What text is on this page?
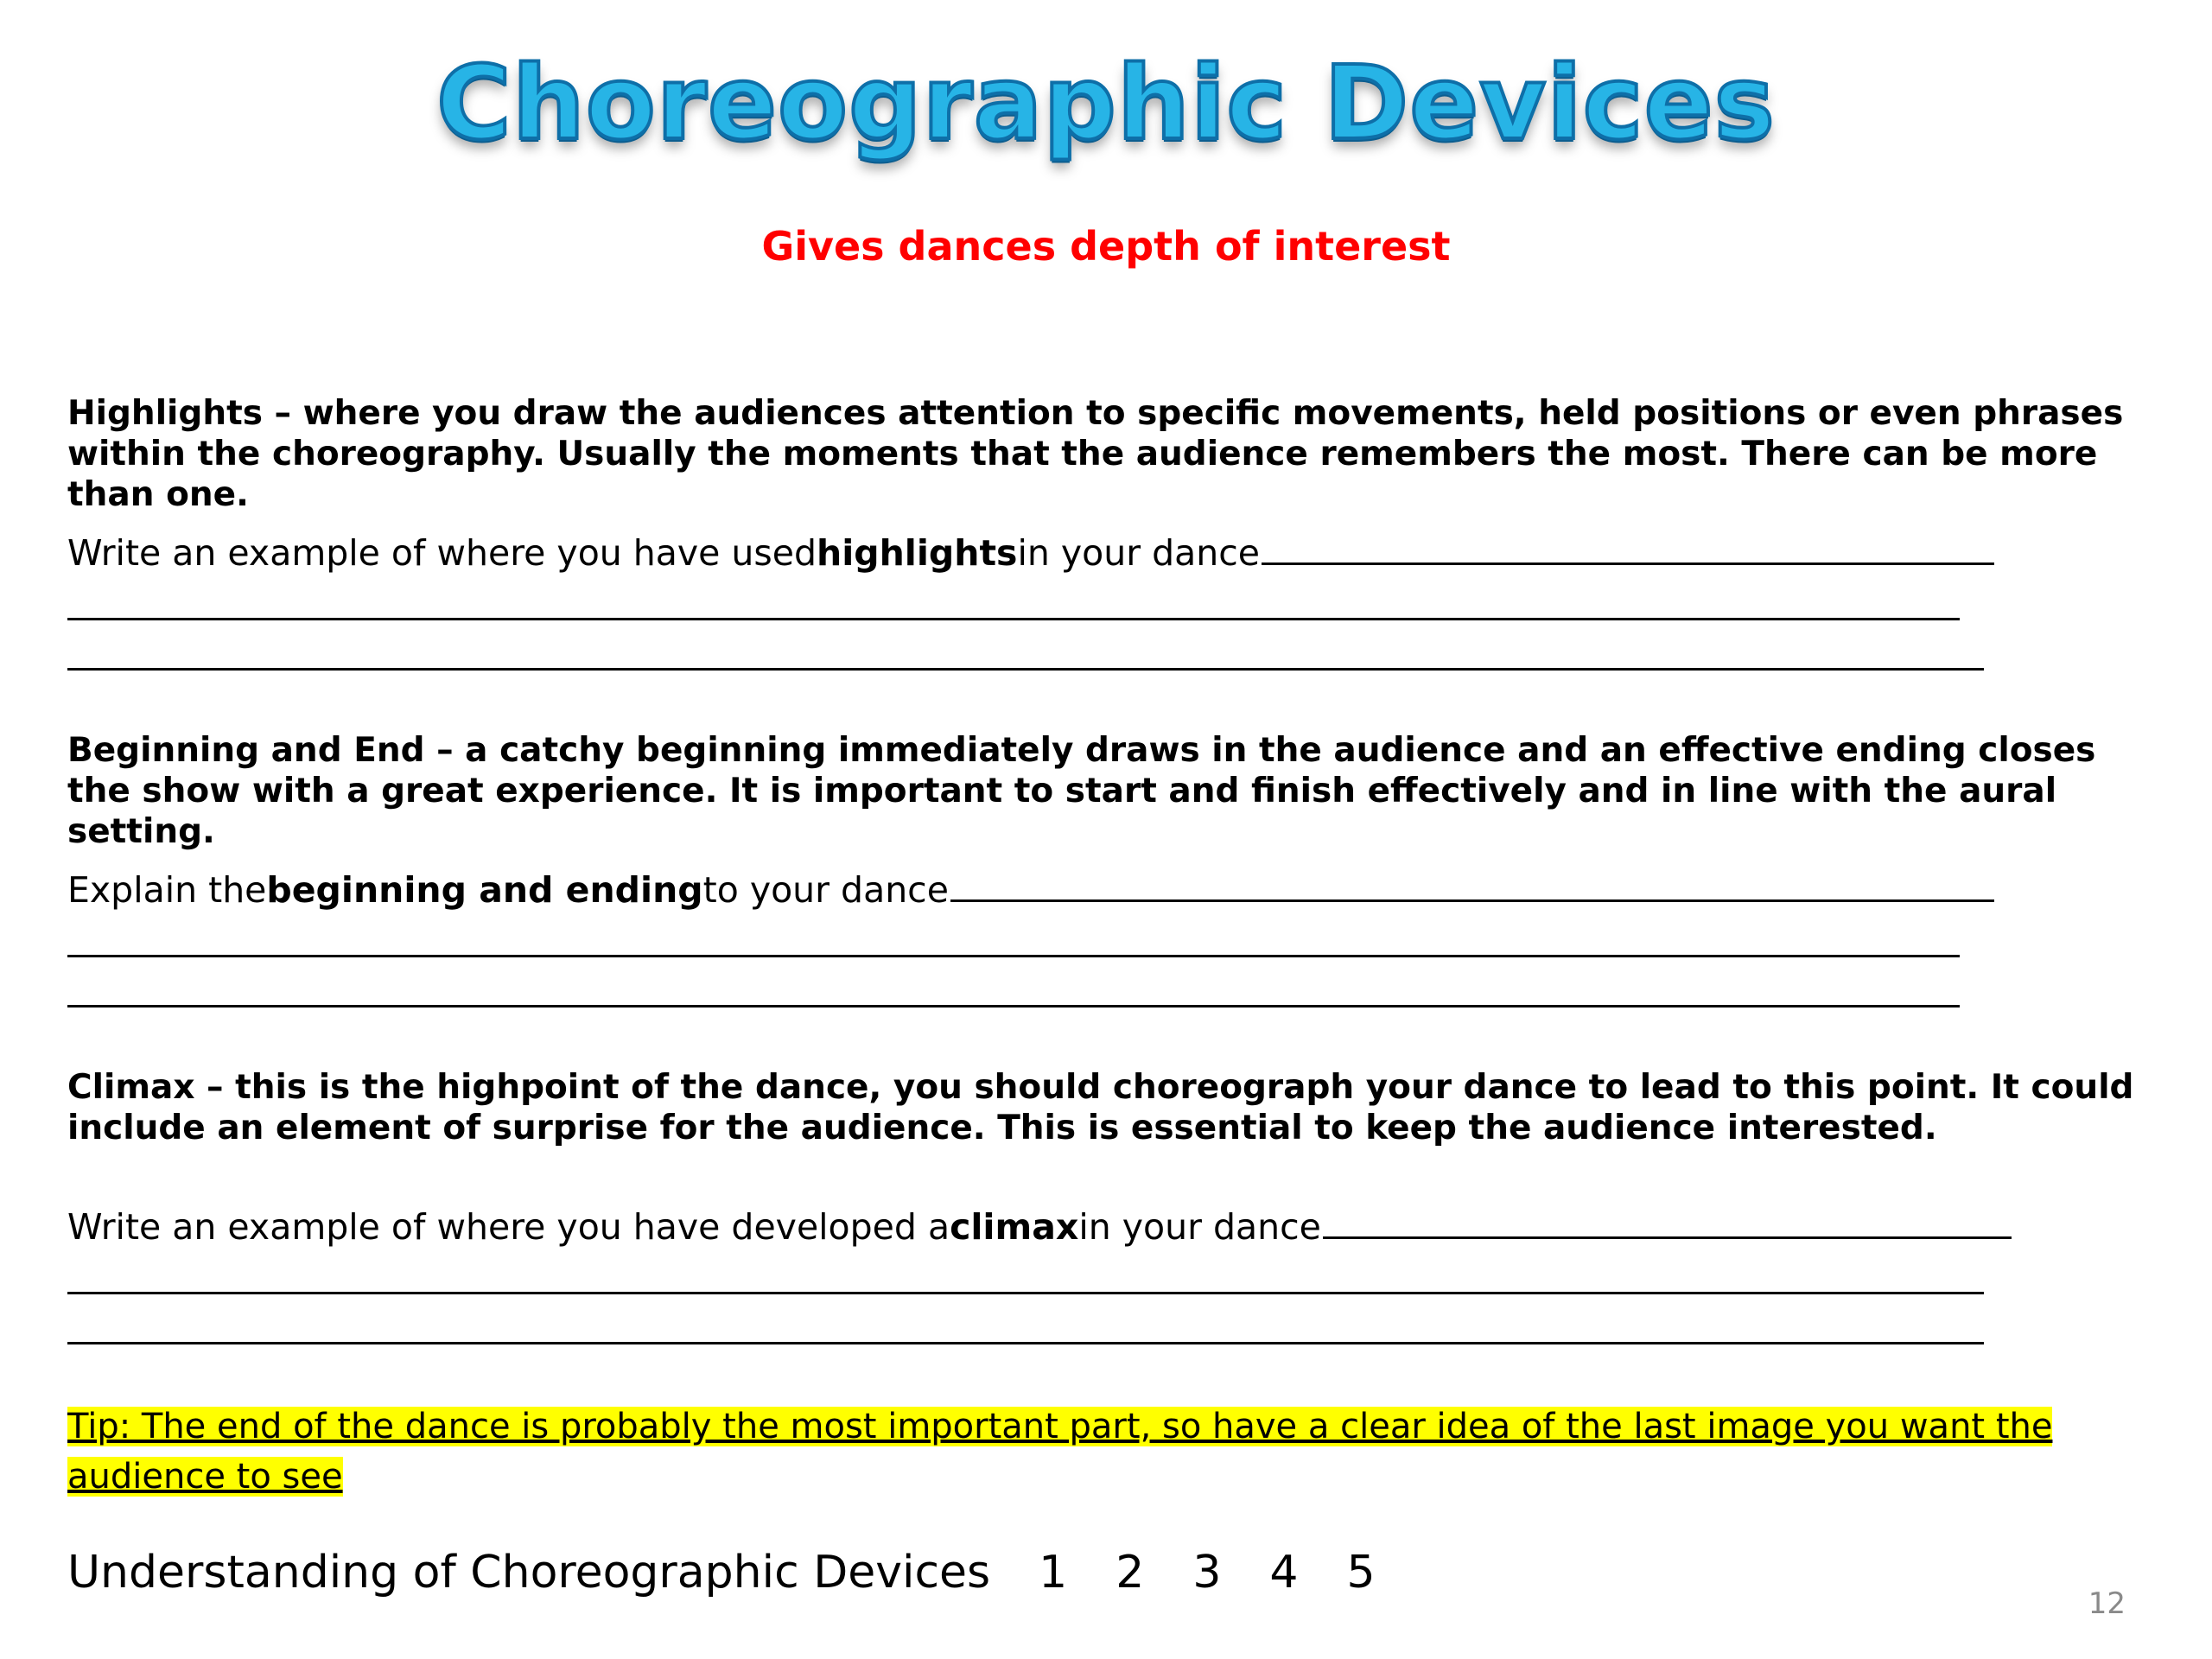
Choreographic Devices
Gives dances depth of interest
Highlights – where you draw the audiences attention to specific movements, held positions or even phrases within the choreography. Usually the moments that the audience remembers the most. There can be more than one.
Write an example of where you have used highlights in your dance
Beginning and End – a catchy beginning immediately draws in the audience and an effective ending closes the show with a great experience. It is important to start and finish effectively and in line with the aural setting.
Explain the beginning and ending to your dance
Climax – this is the highpoint of the dance, you should choreograph your dance to lead to this point. It could include an element of surprise for the audience. This is essential to keep the audience interested.
Write an example of where you have developed a climax in your dance
Tip: The end of the dance is probably the most important part, so have a clear idea of the last image you want the audience to see
Understanding of Choreographic Devices 1 2 3 4 5
12
